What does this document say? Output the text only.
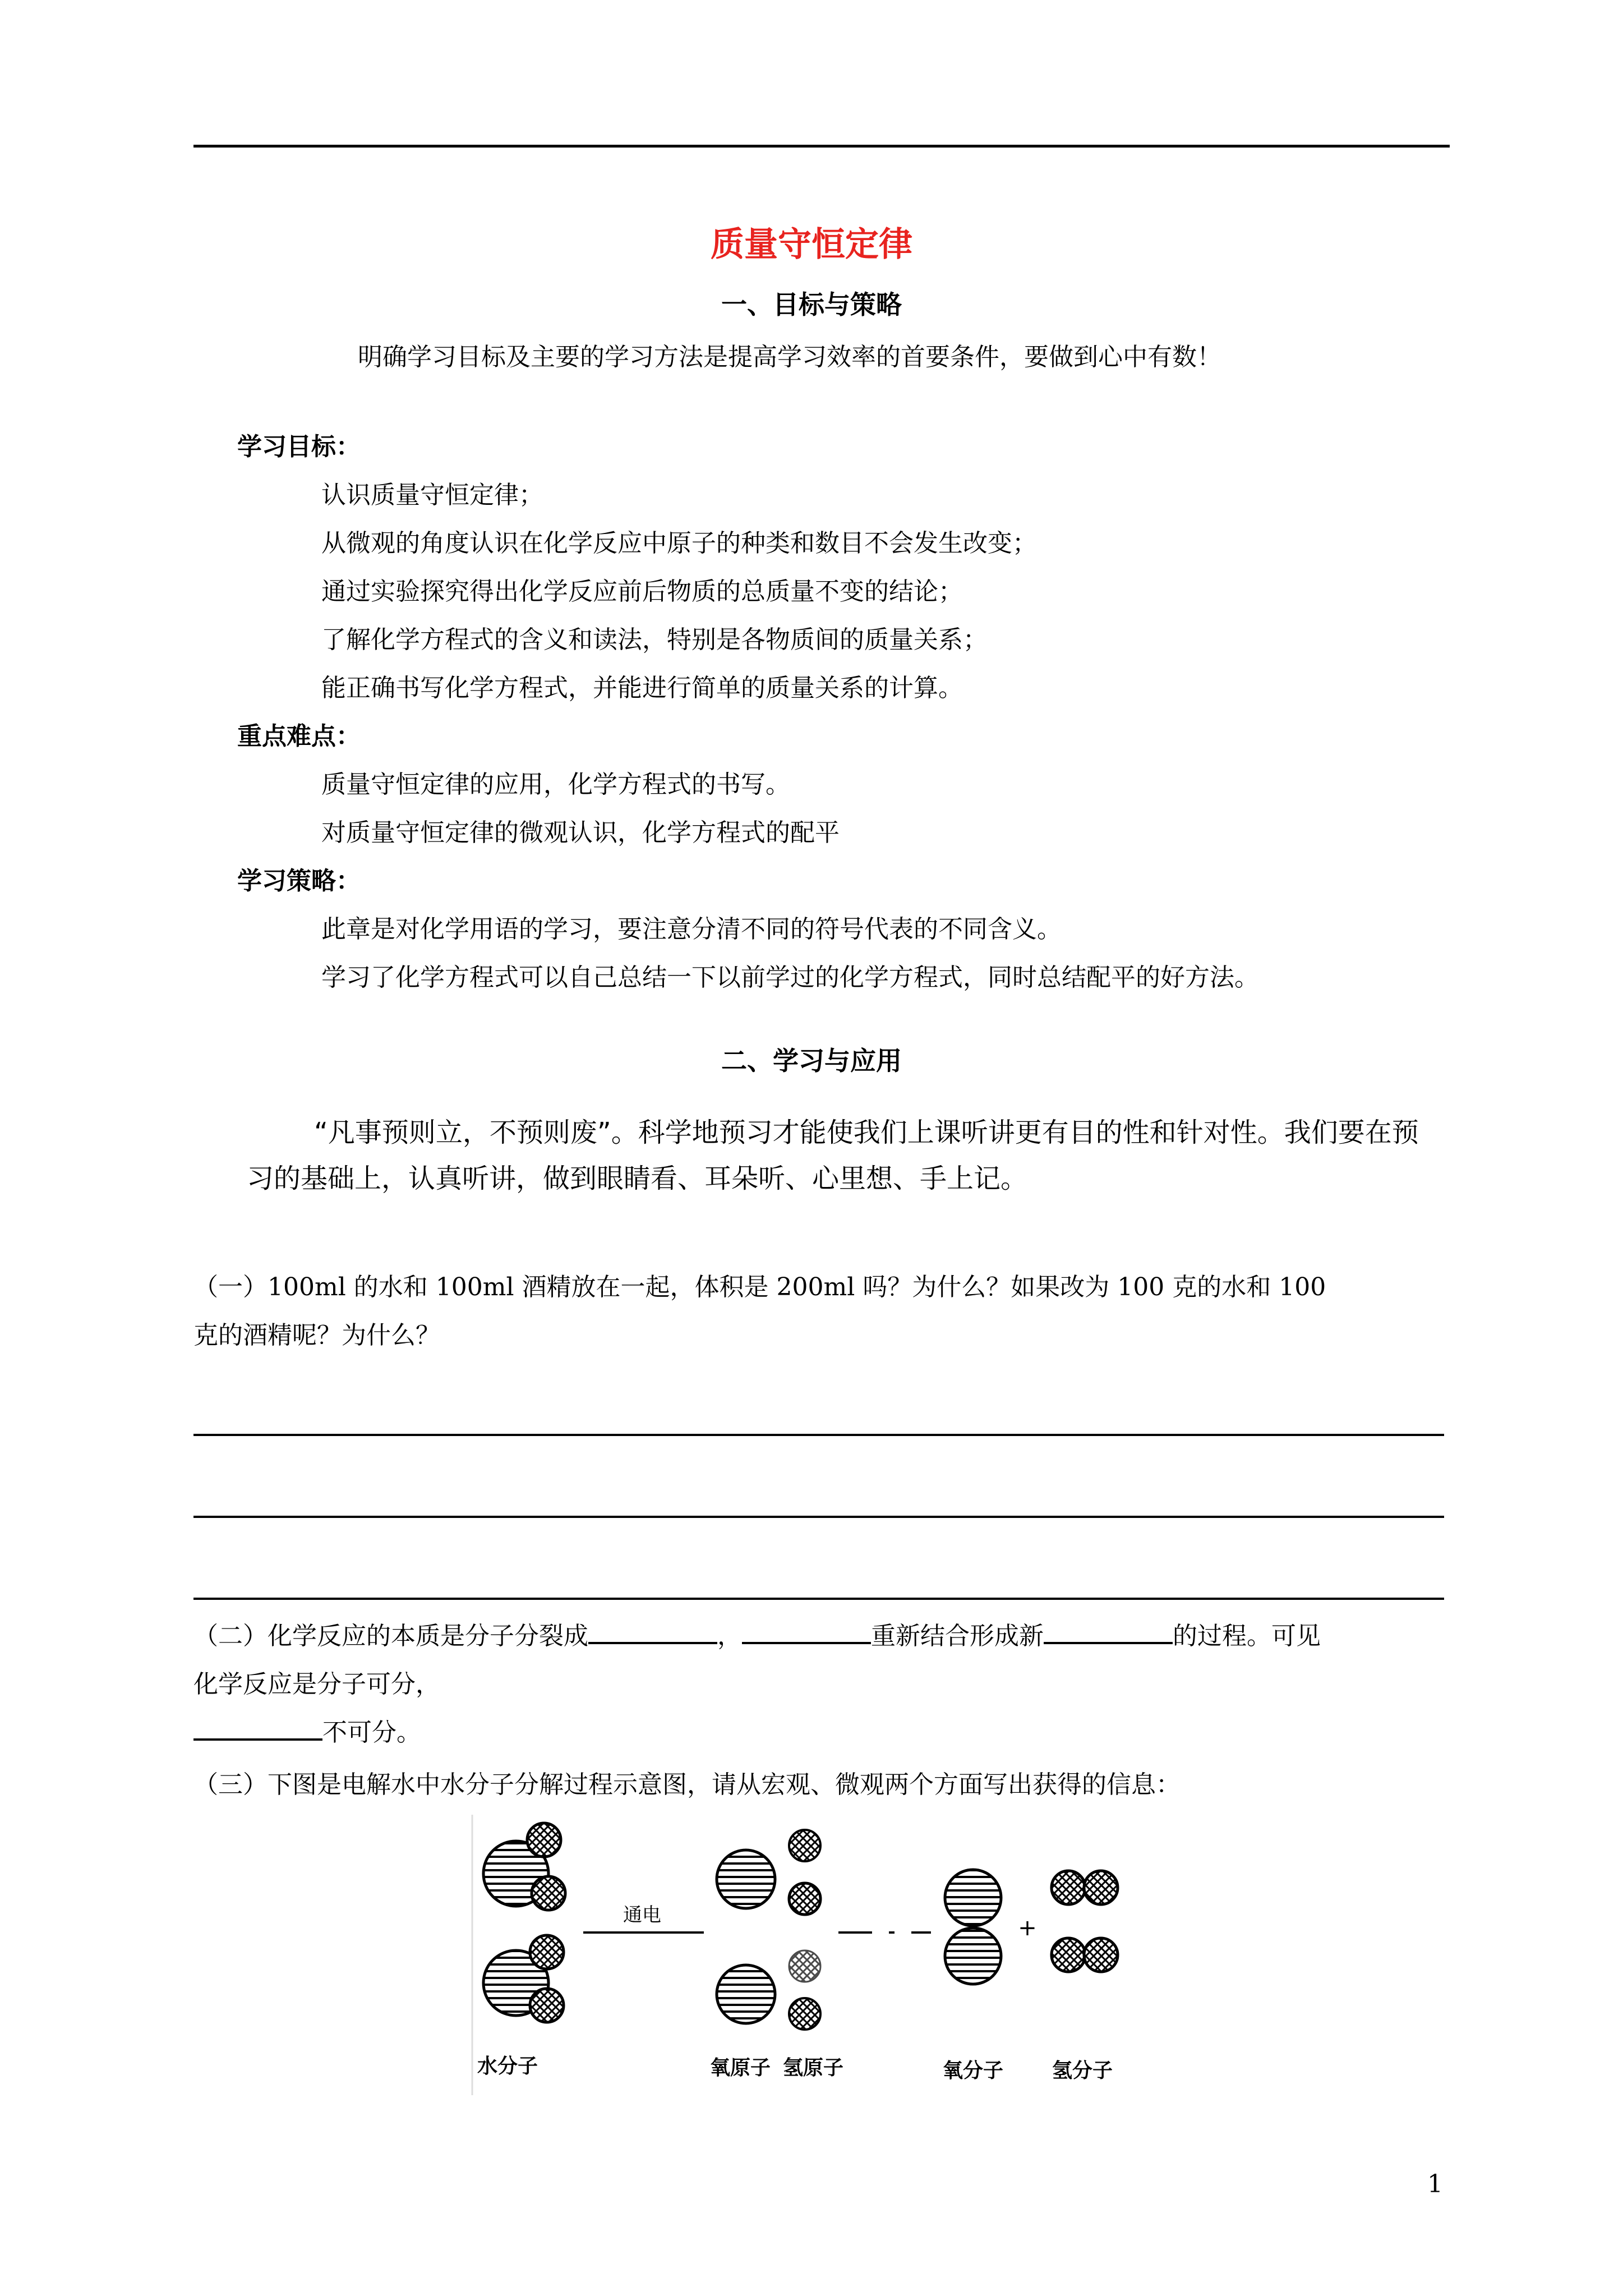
质量守恒定律
一、目标与策略
明确学习目标及主要的学习方法是提高学习效率的首要条件，要做到心中有数！
学习目标：
认识质量守恒定律；
从微观的角度认识在化学反应中原子的种类和数目不会发生改变；
通过实验探究得出化学反应前后物质的总质量不变的结论；
了解化学方程式的含义和读法，特别是各物质间的质量关系；
能正确书写化学方程式，并能进行简单的质量关系的计算。
重点难点：
质量守恒定律的应用，化学方程式的书写。
对质量守恒定律的微观认识，化学方程式的配平
学习策略：
此章是对化学用语的学习，要注意分清不同的符号代表的不同含义。
学习了化学方程式可以自己总结一下以前学过的化学方程式，同时总结配平的好方法。
二、学习与应用
“凡事预则立，不预则废”。科学地预习才能使我们上课听讲更有目的性和针对性。我们要在预
习的基础上，认真听讲，做到眼睛看、耳朵听、心里想、手上记。
（一）100ml 的水和 100ml 酒精放在一起，体积是 200ml 吗？为什么？如果改为 100 克的水和 100
克的酒精呢？为什么？
（二）化学反应的本质是分子分裂成	，	重新结合形成新	的过程。可见
化学反应是分子可分，
不可分。
（三）下图是电解水中水分子分解过程示意图，请从宏观、微观两个方面写出获得的信息：
通电	+
水分子	氧原子 氢原子	氧分子 氢分子
1
